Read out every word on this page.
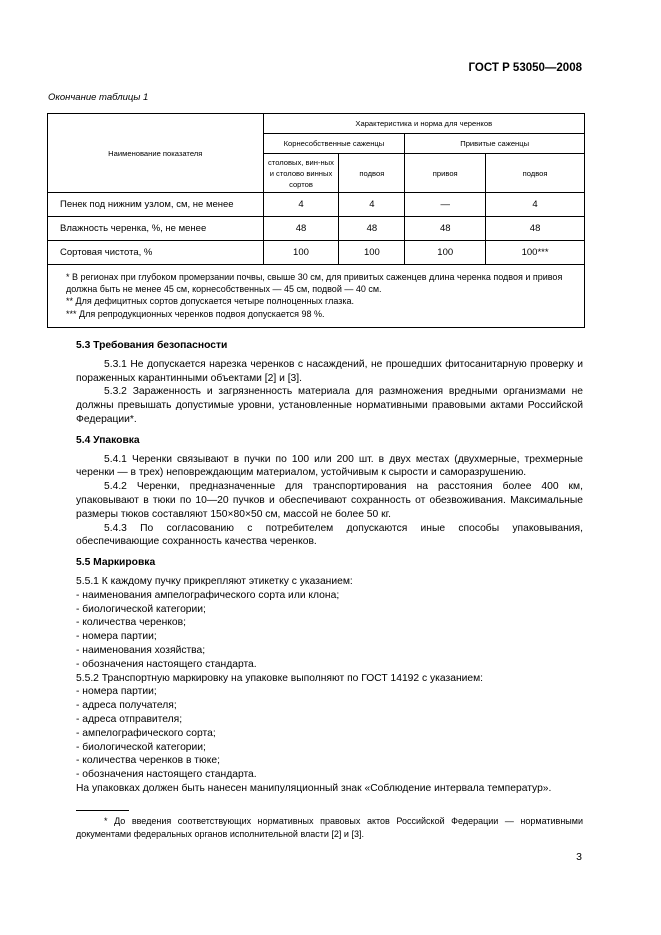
ГОСТ Р 53050—2008
Окончание таблицы 1
Наименование показателя	Характеристика и норма для черенков			
	Корнесобственные саженцы		Привитые саженцы	
	столовых, вин-ных и столово винных сортов	подвоя	привоя	подвоя
Пенек под нижним узлом, см, не менее	4	4	—	4
Влажность черенка, %, не менее	48	48	48	48
Сортовая чистота, %	100	100	100	100***

* В регионах при глубоком промерзании почвы, свыше 30 см, для привитых саженцев длина черенка подвоя и привоя должна быть не менее 45 см, корнесобственных — 45 см, подвой — 40 см.
** Для дефицитных сортов допускается четыре полноценных глазка.
*** Для репродукционных черенков подвоя допускается 98 %.				

5.3 Требования безопасности

5.3.1 Не допускается нарезка черенков с насаждений, не прошедших фитосанитарную проверку и пораженных карантинными объектами [2] и [3].

5.3.2 Зараженность и загрязненность материала для размножения вредными организмами не должны превышать допустимые уровни, установленные нормативными правовыми актами Российской Федерации*.

5.4 Упаковка

5.4.1 Черенки связывают в пучки по 100 или 200 шт. в двух местах (двухмерные, трехмерные черенки — в трех) неповреждающим материалом, устойчивым к сырости и саморазрушению.

5.4.2 Черенки, предназначенные для транспортирования на расстояния более 400 км, упаковывают в тюки по 10—20 пучков и обеспечивают сохранность от обезвоживания. Максимальные размеры тюков составляют 150×80×50 см, массой не более 50 кг.

5.4.3 По согласованию с потребителем допускаются иные способы упаковывания, обеспечивающие сохранность качества черенков.

5.5 Маркировка

5.5.1 К каждому пучку прикрепляют этикетку с указанием:

- наименования ампелографического сорта или клона;

- биологической категории;

- количества черенков;

- номера партии;

- наименования хозяйства;

- обозначения настоящего стандарта.

5.5.2 Транспортную маркировку на упаковке выполняют по ГОСТ 14192 с указанием:

- номера партии;

- адреса получателя;

- адреса отправителя;

- ампелографического сорта;

- биологической категории;

- количества черенков в тюке;

- обозначения настоящего стандарта.

На упаковках должен быть нанесен манипуляционный знак «Соблюдение интервала температур».

* До введения соответствующих нормативных правовых актов Российской Федерации — нормативными документами федеральных органов исполнительной власти [2] и [3].
3
